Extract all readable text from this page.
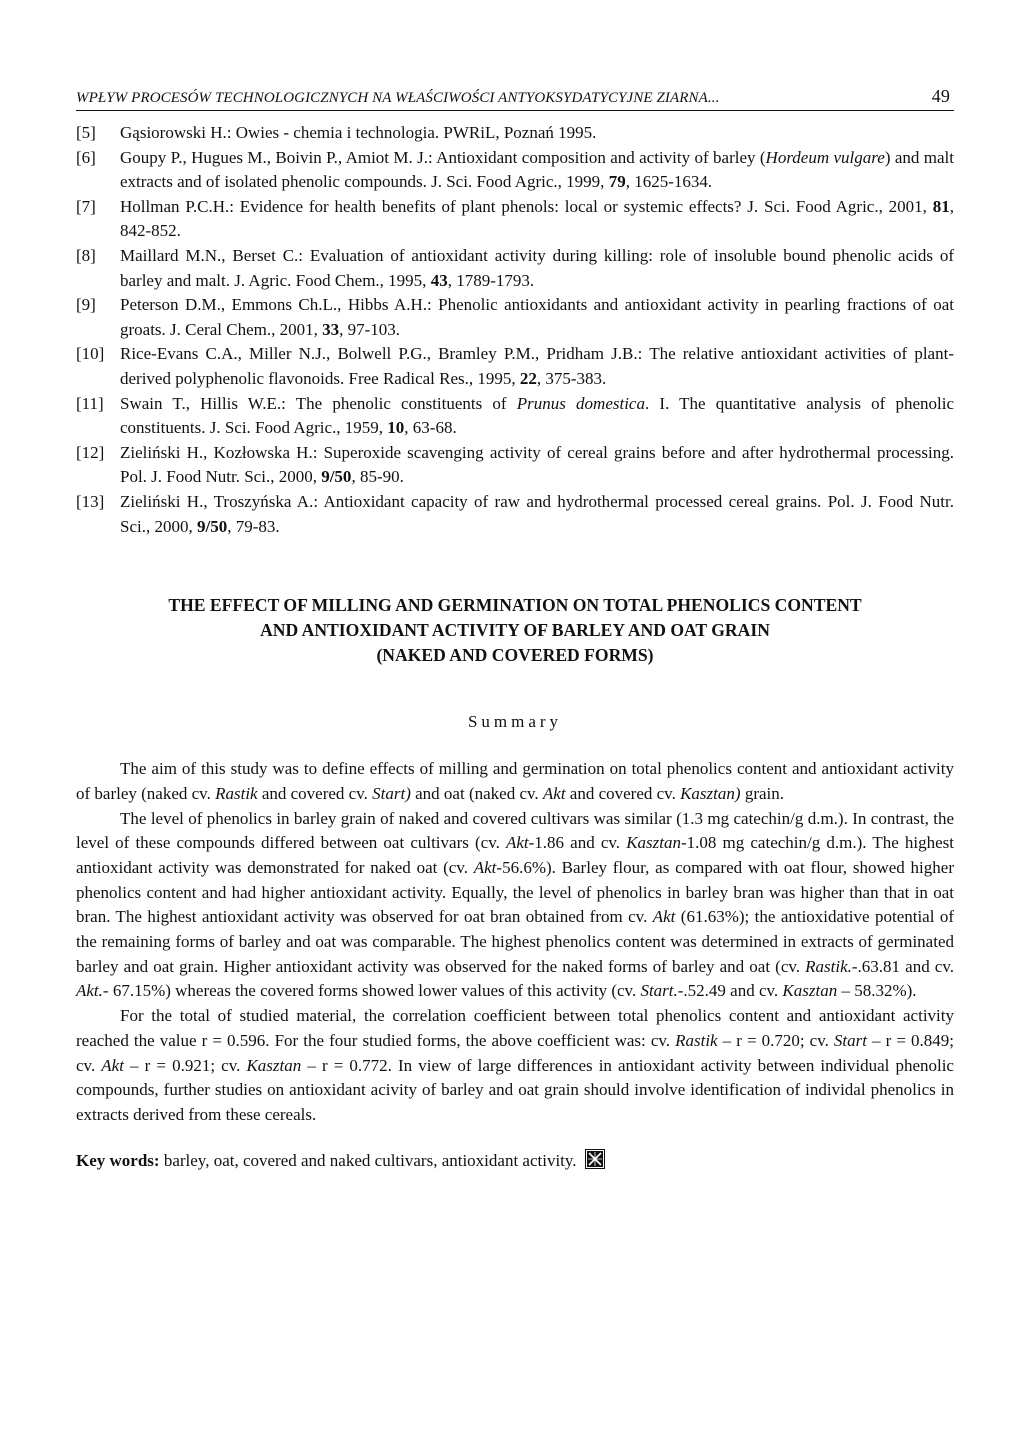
WPŁYW PROCESÓW TECHNOLOGICZNYCH NA WŁAŚCIWOŚCI ANTYOKSYDATYCYJNE ZIARNA...	49

[5]	Gąsiorowski H.: Owies - chemia i technologia. PWRiL, Poznań 1995.

[6]	Goupy P., Hugues M., Boivin P., Amiot M. J.: Antioxidant composition and activity of barley (Hordeum vulgare) and malt extracts and of isolated phenolic compounds. J. Sci. Food Agric., 1999, 79, 1625-1634.

[7]	Hollman P.C.H.: Evidence for health benefits of plant phenols: local or systemic effects? J. Sci. Food Agric., 2001, 81, 842-852.

[8]	Maillard M.N., Berset C.: Evaluation of antioxidant activity during killing: role of insoluble bound phenolic acids of barley and malt. J. Agric. Food Chem., 1995, 43, 1789-1793.

[9]	Peterson D.M., Emmons Ch.L., Hibbs A.H.: Phenolic antioxidants and antioxidant activity in pearling fractions of oat groats. J. Ceral Chem., 2001, 33, 97-103.

[10] Rice-Evans C.A., Miller N.J., Bolwell P.G., Bramley P.M., Pridham J.B.: The relative antioxidant activities of plant-derived polyphenolic flavonoids. Free Radical Res., 1995, 22, 375-383.

[11] Swain T., Hillis W.E.: The phenolic constituents of Prunus domestica. I. The quantitative analysis of phenolic constituents. J. Sci. Food Agric., 1959, 10, 63-68.

[12] Zieliński H., Kozłowska H.: Superoxide scavenging activity of cereal grains before and after hydrothermal processing. Pol. J. Food Nutr. Sci., 2000, 9/50, 85-90.

[13] Zieliński H., Troszyńska A.: Antioxidant capacity of raw and hydrothermal processed cereal grains. Pol. J. Food Nutr. Sci., 2000, 9/50, 79-83.

THE EFFECT OF MILLING AND GERMINATION ON TOTAL PHENOLICS CONTENT
AND ANTIOXIDANT ACTIVITY OF BARLEY AND OAT GRAIN
(NAKED AND COVERED FORMS)
Summary

The aim of this study was to define effects of milling and germination on total phenolics content and antioxidant activity of barley (naked cv. Rastik and covered cv. Start) and oat (naked cv. Akt and covered cv. Kasztan) grain.

The level of phenolics in barley grain of naked and covered cultivars was similar (1.3 mg catechin/g d.m.). In contrast, the level of these compounds differed between oat cultivars (cv. Akt-1.86 and cv. Kasztan-1.08 mg catechin/g d.m.). The highest antioxidant activity was demonstrated for naked oat (cv. Akt-56.6%). Barley flour, as compared with oat flour, showed higher phenolics content and had higher antioxidant activity. Equally, the level of phenolics in barley bran was higher than that in oat bran. The highest antioxidant activity was observed for oat bran obtained from cv. Akt (61.63%); the antioxidative potential of the remaining forms of barley and oat was comparable. The highest phenolics content was determined in extracts of germinated barley and oat grain. Higher antioxidant activity was observed for the naked forms of barley and oat (cv. Rastik.-.63.81 and cv. Akt.- 67.15%) whereas the covered forms showed lower values of this activity (cv. Start.-.52.49 and cv. Kasztan – 58.32%).

For the total of studied material, the correlation coefficient between total phenolics content and antioxidant activity reached the value r = 0.596. For the four studied forms, the above coefficient was: cv. Rastik – r = 0.720; cv. Start – r = 0.849; cv. Akt – r = 0.921; cv. Kasztan – r = 0.772. In view of large differences in antioxidant activity between individual phenolic compounds, further studies on antioxidant acivity of barley and oat grain should involve identification of individal phenolics in extracts derived from these cereals.

Key words: barley, oat, covered and naked cultivars, antioxidant activity.
